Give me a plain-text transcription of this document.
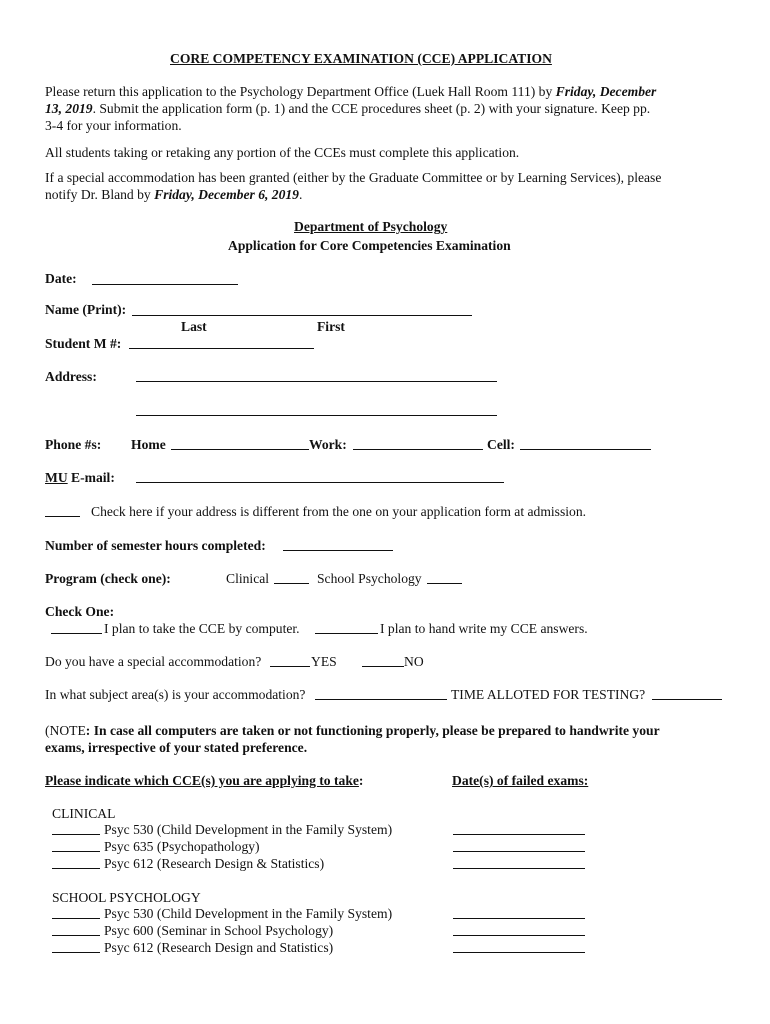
CORE COMPETENCY EXAMINATION (CCE) APPLICATION
Please return this application to the Psychology Department Office (Luek Hall Room 111) by Friday, December
13, 2019. Submit the application form (p. 1) and the CCE procedures sheet (p. 2) with your signature. Keep pp.
3-4 for your information.
All students taking or retaking any portion of the CCEs must complete this application.
If a special accommodation has been granted (either by the Graduate Committee or by Learning Services), please
notify Dr. Bland by Friday, December 6, 2019.
Department of Psychology
Application for Core Competencies Examination
Date:
Name (Print):
Last	First
Student M #:
Address:
Phone #s: Home	Work:	Cell:
MU E-mail:
Check here if your address is different from the one on your application form at admission.
Number of semester hours completed:
Program (check one):	Clinical	School Psychology
Check One:
I plan to take the CCE by computer.	I plan to hand write my CCE answers.
Do you have a special accommodation?	YES	NO
In what subject area(s) is your accommodation?	TIME ALLOTED FOR TESTING?
(NOTE: In case all computers are taken or not functioning properly, please be prepared to handwrite your
exams, irrespective of your stated preference.
Please indicate which CCE(s) you are applying to take:	Date(s) of failed exams:
CLINICAL
Psyc 530 (Child Development in the Family System)
Psyc 635 (Psychopathology)
Psyc 612 (Research Design & Statistics)
SCHOOL PSYCHOLOGY
Psyc 530 (Child Development in the Family System)
Psyc 600 (Seminar in School Psychology)
Psyc 612 (Research Design and Statistics)
